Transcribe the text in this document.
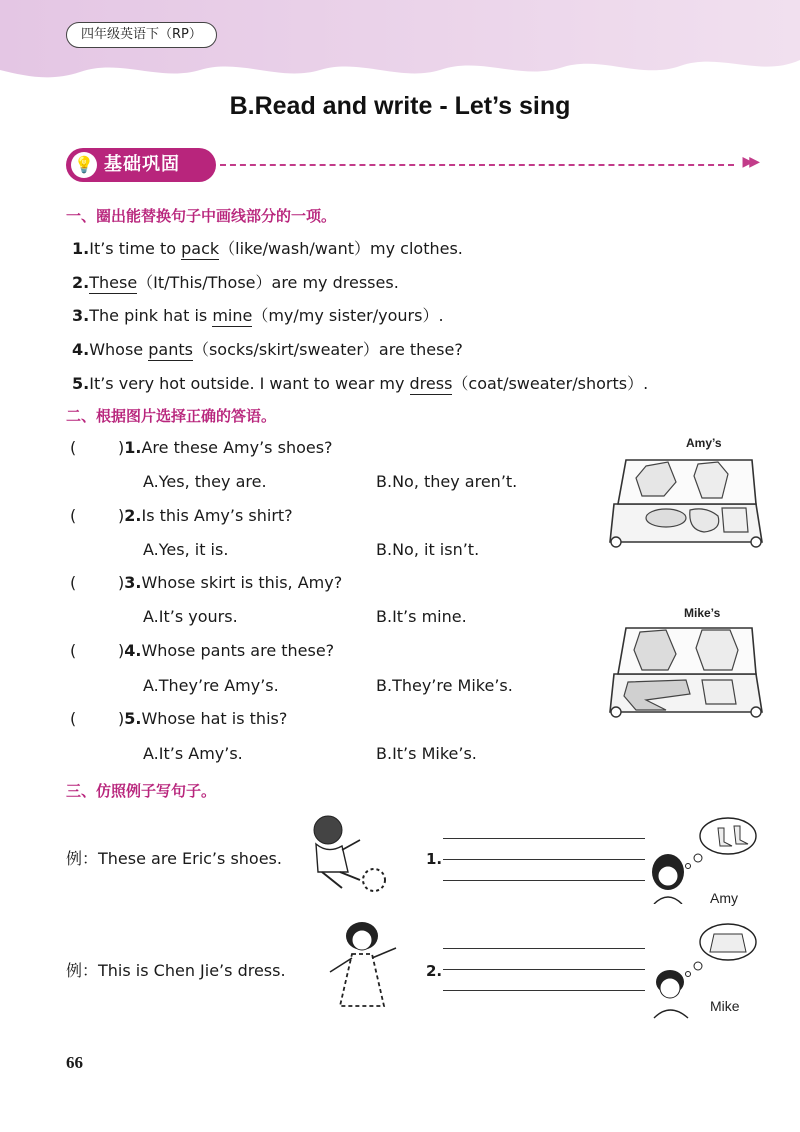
四年级英语下（RP）
B.Read and write - Let’s sing
💡 基础巩固	▶▶
一、圈出能替换句子中画线部分的一项。
1.It’s time to pack（like/wash/want）my clothes.
2.These（It/This/Those）are my dresses.
3.The pink hat is mine（my/my sister/yours）.
4.Whose pants（socks/skirt/sweater）are these?
5.It’s very hot outside. I want to wear my dress（coat/sweater/shorts）.
二、根据图片选择正确的答语。
(	)1.Are these Amy’s shoes?
A.Yes, they are.	B.No, they aren’t.
(	)2.Is this Amy’s shirt?
A.Yes, it is.	B.No, it isn’t.
(	)3.Whose skirt is this, Amy?
A.It’s yours.	B.It’s mine.
(	)4.Whose pants are these?
A.They’re Amy’s.	B.They’re Mike’s.
(	)5.Whose hat is this?
A.It’s Amy’s.	B.It’s Mike’s.
Amy’s
Mike’s
三、仿照例子写句子。
例：These are Eric’s shoes.
例：This is Chen Jie’s dress.
1.
Amy
2.
Mike
66
